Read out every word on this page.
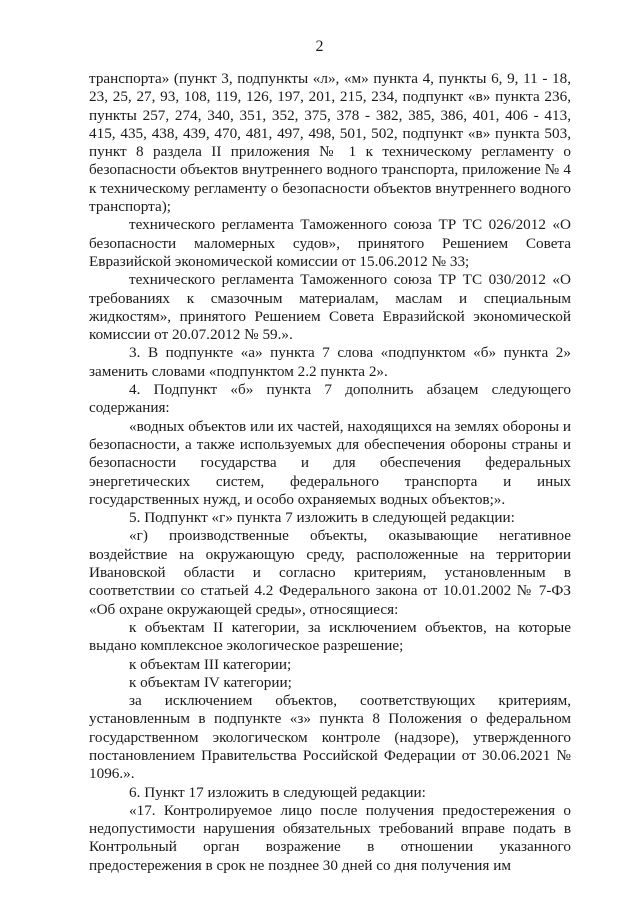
2

транспорта» (пункт 3, подпункты «л», «м» пункта 4, пункты 6, 9, 11 - 18, 23, 25, 27, 93, 108, 119, 126, 197, 201, 215, 234, подпункт «в» пункта 236, пункты 257, 274, 340, 351, 352, 375, 378 - 382, 385, 386, 401, 406 - 413, 415, 435, 438, 439, 470, 481, 497, 498, 501, 502, подпункт «в» пункта 503, пункт 8 раздела II приложения № 1 к техническому регламенту о безопасности объектов внутреннего водного транспорта, приложение № 4 к техническому регламенту о безопасности объектов внутреннего водного транспорта);

технического регламента Таможенного союза ТР ТС 026/2012 «О безопасности маломерных судов», принятого Решением Совета Евразийской экономической комиссии от 15.06.2012 № 33;

технического регламента Таможенного союза ТР ТС 030/2012 «О требованиях к смазочным материалам, маслам и специальным жидкостям», принятого Решением Совета Евразийской экономической комиссии от 20.07.2012 № 59.».

3. В подпункте «а» пункта 7 слова «подпунктом «б» пункта 2» заменить словами «подпунктом 2.2 пункта 2».

4. Подпункт «б» пункта 7 дополнить абзацем следующего содержания:

«водных объектов или их частей, находящихся на землях обороны и безопасности, а также используемых для обеспечения обороны страны и безопасности государства и для обеспечения федеральных энергетических систем, федерального транспорта и иных государственных нужд, и особо охраняемых водных объектов;».

5. Подпункт «г» пункта 7 изложить в следующей редакции:

«г) производственные объекты, оказывающие негативное воздействие на окружающую среду, расположенные на территории Ивановской области и согласно критериям, установленным в соответствии со статьей 4.2 Федерального закона от 10.01.2002 № 7-ФЗ «Об охране окружающей среды», относящиеся:

к объектам II категории, за исключением объектов, на которые выдано комплексное экологическое разрешение;

к объектам III категории;

к объектам IV категории;

за исключением объектов, соответствующих критериям, установленным в подпункте «з» пункта 8 Положения о федеральном государственном экологическом контроле (надзоре), утвержденного постановлением Правительства Российской Федерации от 30.06.2021 № 1096.».

6. Пункт 17 изложить в следующей редакции:

«17. Контролируемое лицо после получения предостережения о недопустимости нарушения обязательных требований вправе подать в Контрольный орган возражение в отношении указанного предостережения в срок не позднее 30 дней со дня получения им
